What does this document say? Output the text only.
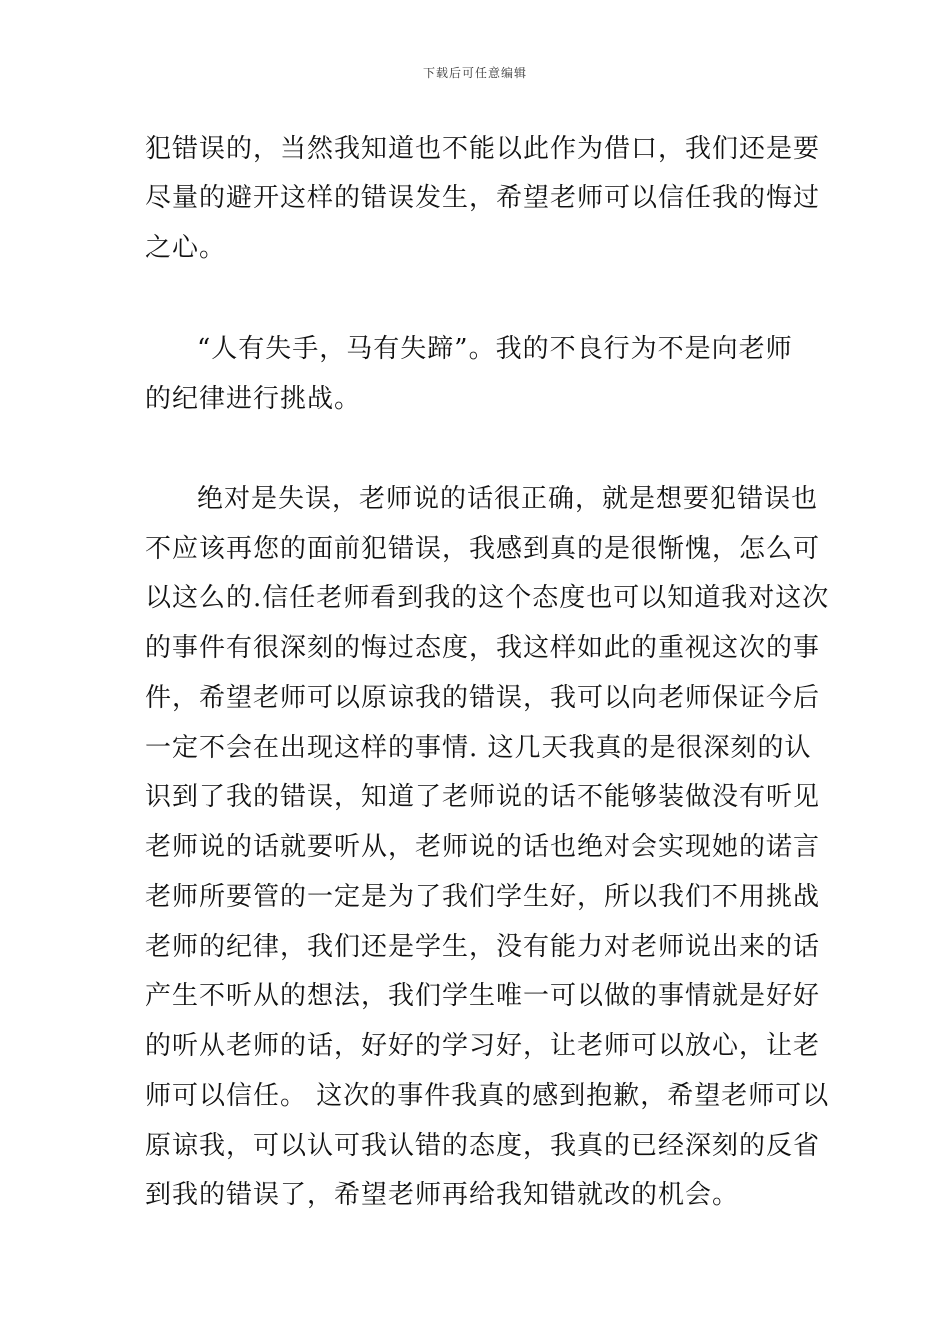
下载后可任意编辑
犯错误的，当然我知道也不能以此作为借口，我们还是要
尽量的避开这样的错误发生，希望老师可以信任我的悔过
之心。
“人有失手，马有失蹄”。我的不良行为不是向老师
的纪律进行挑战。
绝对是失误，老师说的话很正确，就是想要犯错误也
不应该再您的面前犯错误，我感到真的是很惭愧，怎么可
以这么的.信任老师看到我的这个态度也可以知道我对这次
的事件有很深刻的悔过态度，我这样如此的重视这次的事
件，希望老师可以原谅我的错误，我可以向老师保证今后
一定不会在出现这样的事情. 这几天我真的是很深刻的认
识到了我的错误，知道了老师说的话不能够装做没有听见
老师说的话就要听从，老师说的话也绝对会实现她的诺言
老师所要管的一定是为了我们学生好，所以我们不用挑战
老师的纪律，我们还是学生，没有能力对老师说出来的话
产生不听从的想法，我们学生唯一可以做的事情就是好好
的听从老师的话，好好的学习好，让老师可以放心，让老
师可以信任。 这次的事件我真的感到抱歉，希望老师可以
原谅我，可以认可我认错的态度，我真的已经深刻的反省
到我的错误了，希望老师再给我知错就改的机会。
